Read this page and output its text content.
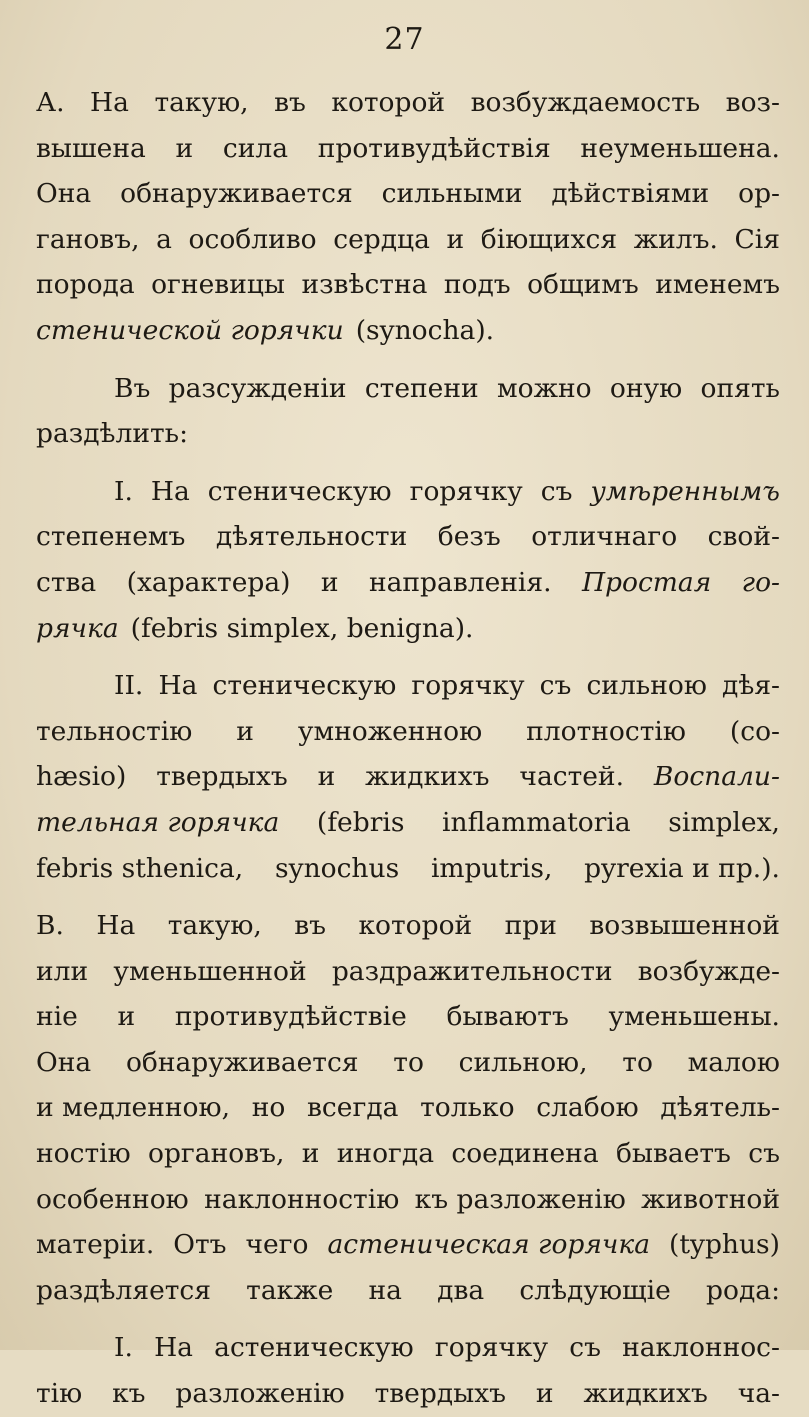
27
А. На такую, въ которой возбуждаемость воз-
вышена и сила противудѣйствія неуменьшена.
Она обнаруживается сильными дѣйствіями ор-
гановъ, а особливо сердца и біющихся жилъ. Сія
порода огневицы извѣстна подъ общимъ именемъ
стенической горячки (synocha).
Въ разсужденіи степени можно оную опять
раздѣлить:
I. На стеническую горячку съ умѣреннымъ
степенемъ дѣятельности безъ отличнаго свой-
ства (характера) и направленія. Простая го-
рячка (febris simplex, benigna).
II. На стеническую горячку съ сильною дѣя-
тельностію и умноженною плотностію (co-
hæsio) твердыхъ и жидкихъ частей. Воспали-
тельная горячка (febris inflammatoria simplex,
febris sthenica, synochus imputris, pyrexia и пр.).
В. На такую, въ которой при возвышенной
или уменьшенной раздражительности возбужде-
ніе и противудѣйствіе бываютъ уменьшены.
Она обнаруживается то сильною, то малою
и медленною, но всегда только слабою дѣятель-
ностію органовъ, и иногда соединена бываетъ съ
особенною наклонностію къ разложенію животной
матеріи. Отъ чего астеническая горячка (typhus)
раздѣляется также на два слѣдующіе рода:
I. На астеническую горячку съ наклоннос-
тію къ разложенію твердыхъ и жидкихъ ча-
